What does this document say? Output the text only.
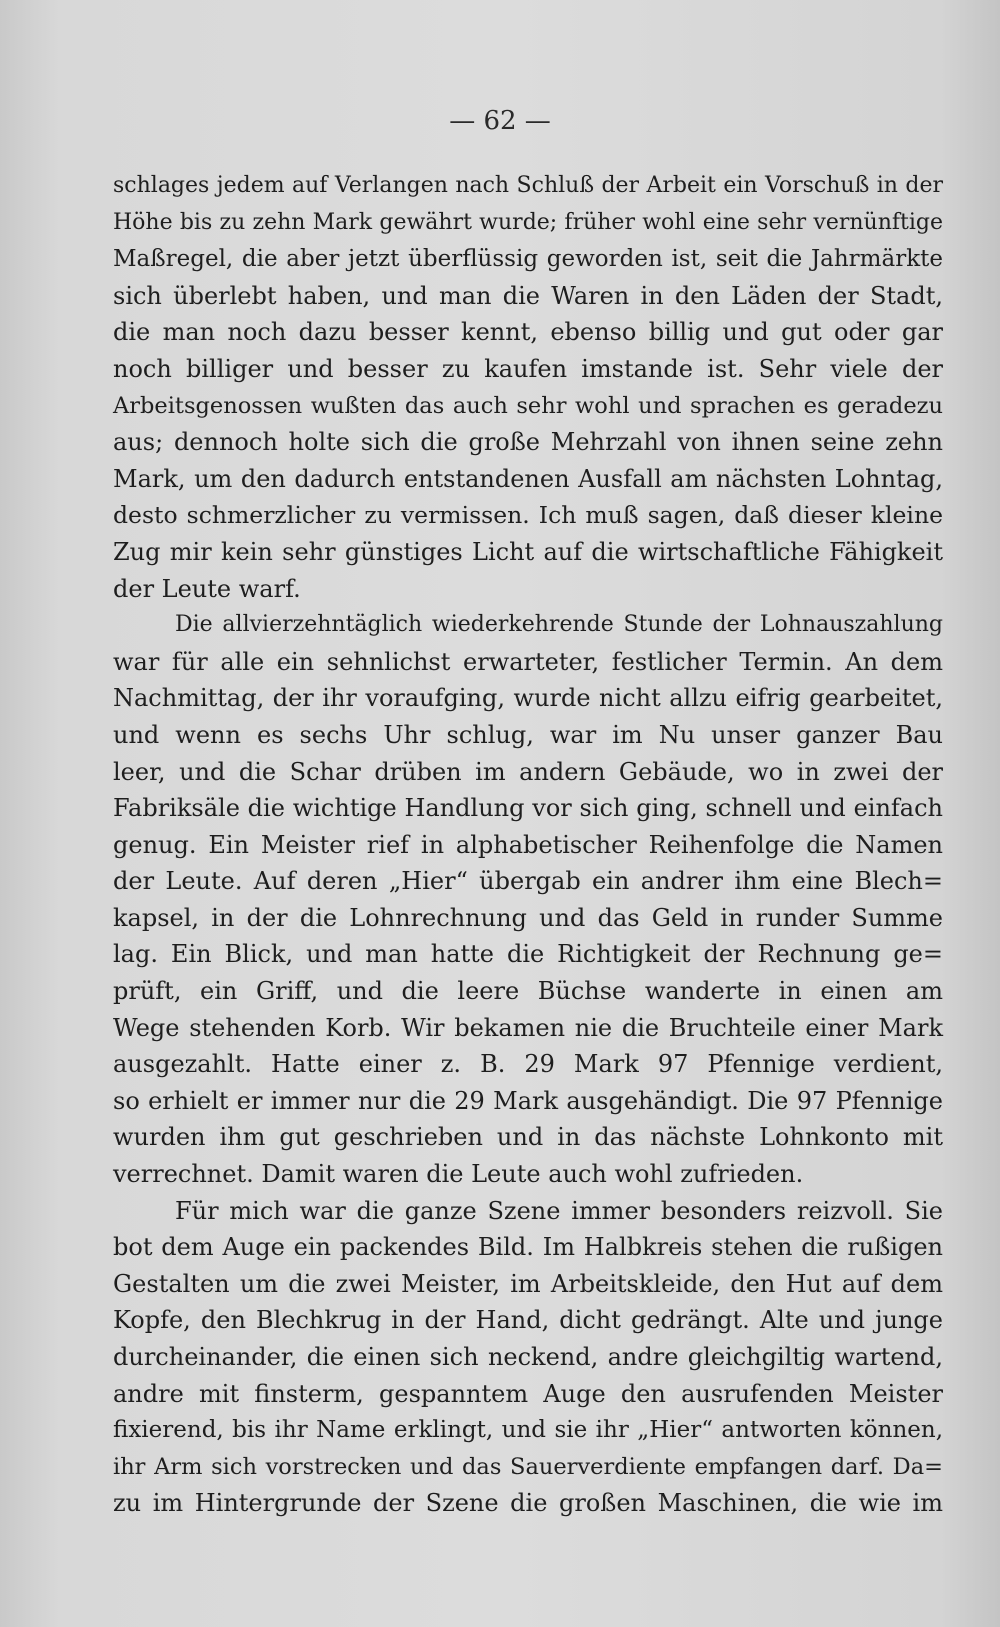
— 62 —
schlages jedem auf Verlangen nach Schluß der Arbeit ein Vorschuß in der
Höhe bis zu zehn Mark gewährt wurde; früher wohl eine sehr vernünftige
Maßregel, die aber jetzt überflüssig geworden ist, seit die Jahrmärkte
sich überlebt haben, und man die Waren in den Läden der Stadt,
die man noch dazu besser kennt, ebenso billig und gut oder gar
noch billiger und besser zu kaufen imstande ist. Sehr viele der
Arbeitsgenossen wußten das auch sehr wohl und sprachen es geradezu
aus; dennoch holte sich die große Mehrzahl von ihnen seine zehn
Mark, um den dadurch entstandenen Ausfall am nächsten Lohntag,
desto schmerzlicher zu vermissen. Ich muß sagen, daß dieser kleine
Zug mir kein sehr günstiges Licht auf die wirtschaftliche Fähigkeit
der Leute warf.
Die allvierzehntäglich wiederkehrende Stunde der Lohnauszahlung
war für alle ein sehnlichst erwarteter, festlicher Termin. An dem
Nachmittag, der ihr voraufging, wurde nicht allzu eifrig gearbeitet,
und wenn es sechs Uhr schlug, war im Nu unser ganzer Bau
leer, und die Schar drüben im andern Gebäude, wo in zwei der
Fabriksäle die wichtige Handlung vor sich ging, schnell und einfach
genug. Ein Meister rief in alphabetischer Reihenfolge die Namen
der Leute. Auf deren „Hier“ übergab ein andrer ihm eine Blech=
kapsel, in der die Lohnrechnung und das Geld in runder Summe
lag. Ein Blick, und man hatte die Richtigkeit der Rechnung ge=
prüft, ein Griff, und die leere Büchse wanderte in einen am
Wege stehenden Korb. Wir bekamen nie die Bruchteile einer Mark
ausgezahlt. Hatte einer z. B. 29 Mark 97 Pfennige verdient,
so erhielt er immer nur die 29 Mark ausgehändigt. Die 97 Pfennige
wurden ihm gut geschrieben und in das nächste Lohnkonto mit
verrechnet. Damit waren die Leute auch wohl zufrieden.
Für mich war die ganze Szene immer besonders reizvoll. Sie
bot dem Auge ein packendes Bild. Im Halbkreis stehen die rußigen
Gestalten um die zwei Meister, im Arbeitskleide, den Hut auf dem
Kopfe, den Blechkrug in der Hand, dicht gedrängt. Alte und junge
durcheinander, die einen sich neckend, andre gleichgiltig wartend,
andre mit finsterm, gespanntem Auge den ausrufenden Meister
fixierend, bis ihr Name erklingt, und sie ihr „Hier“ antworten können,
ihr Arm sich vorstrecken und das Sauerverdiente empfangen darf. Da=
zu im Hintergrunde der Szene die großen Maschinen, die wie im
